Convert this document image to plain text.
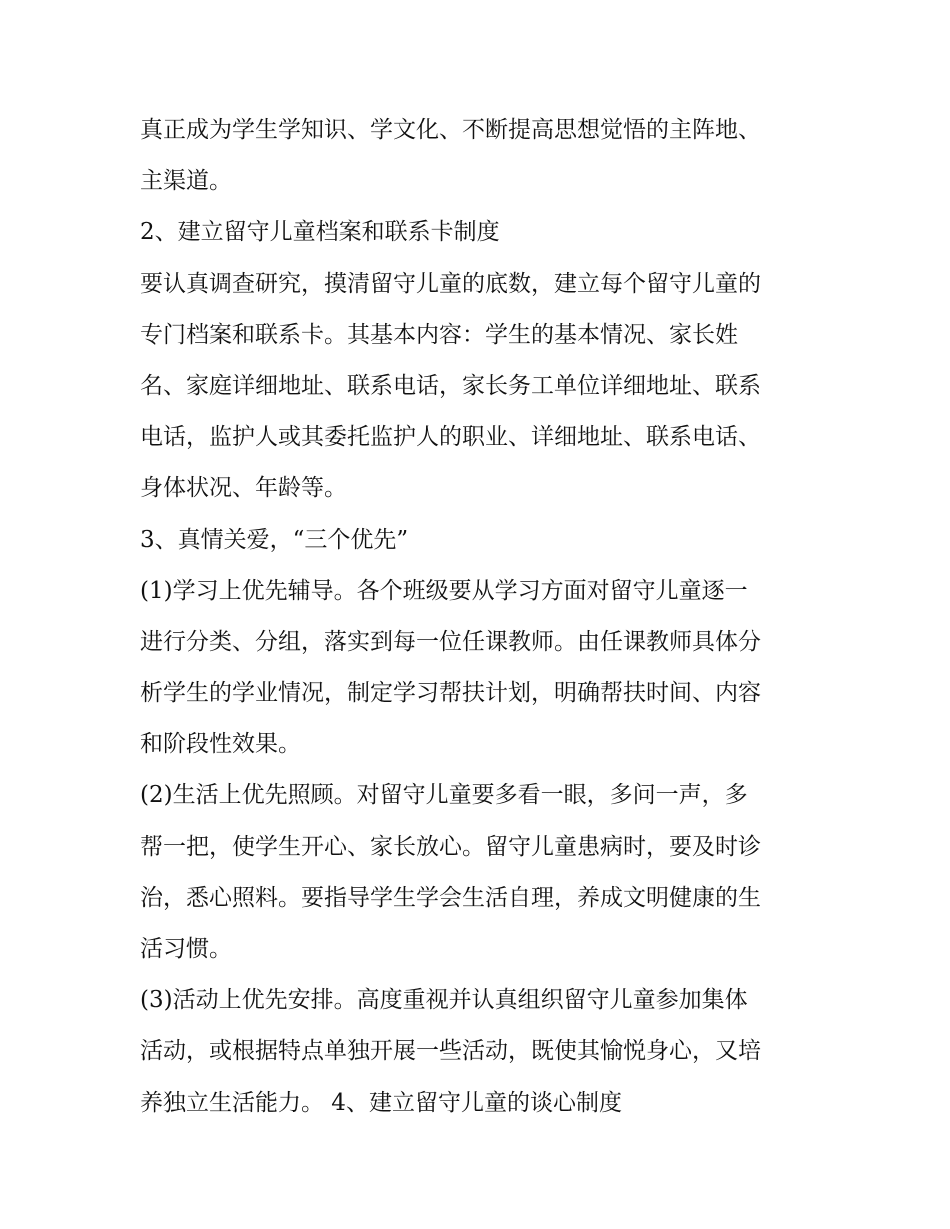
真正成为学生学知识、学文化、不断提高思想觉悟的主阵地、
主渠道。
2、建立留守儿童档案和联系卡制度
要认真调查研究，摸清留守儿童的底数，建立每个留守儿童的
专门档案和联系卡。其基本内容：学生的基本情况、家长姓
名、家庭详细地址、联系电话，家长务工单位详细地址、联系
电话，监护人或其委托监护人的职业、详细地址、联系电话、
身体状况、年龄等。
3、真情关爱，“三个优先”
(1)学习上优先辅导。各个班级要从学习方面对留守儿童逐一
进行分类、分组，落实到每一位任课教师。由任课教师具体分
析学生的学业情况，制定学习帮扶计划，明确帮扶时间、内容
和阶段性效果。
(2)生活上优先照顾。对留守儿童要多看一眼，多问一声，多
帮一把，使学生开心、家长放心。留守儿童患病时，要及时诊
治，悉心照料。要指导学生学会生活自理，养成文明健康的生
活习惯。
(3)活动上优先安排。高度重视并认真组织留守儿童参加集体
活动，或根据特点单独开展一些活动，既使其愉悦身心，又培
养独立生活能力。 4、建立留守儿童的谈心制度
